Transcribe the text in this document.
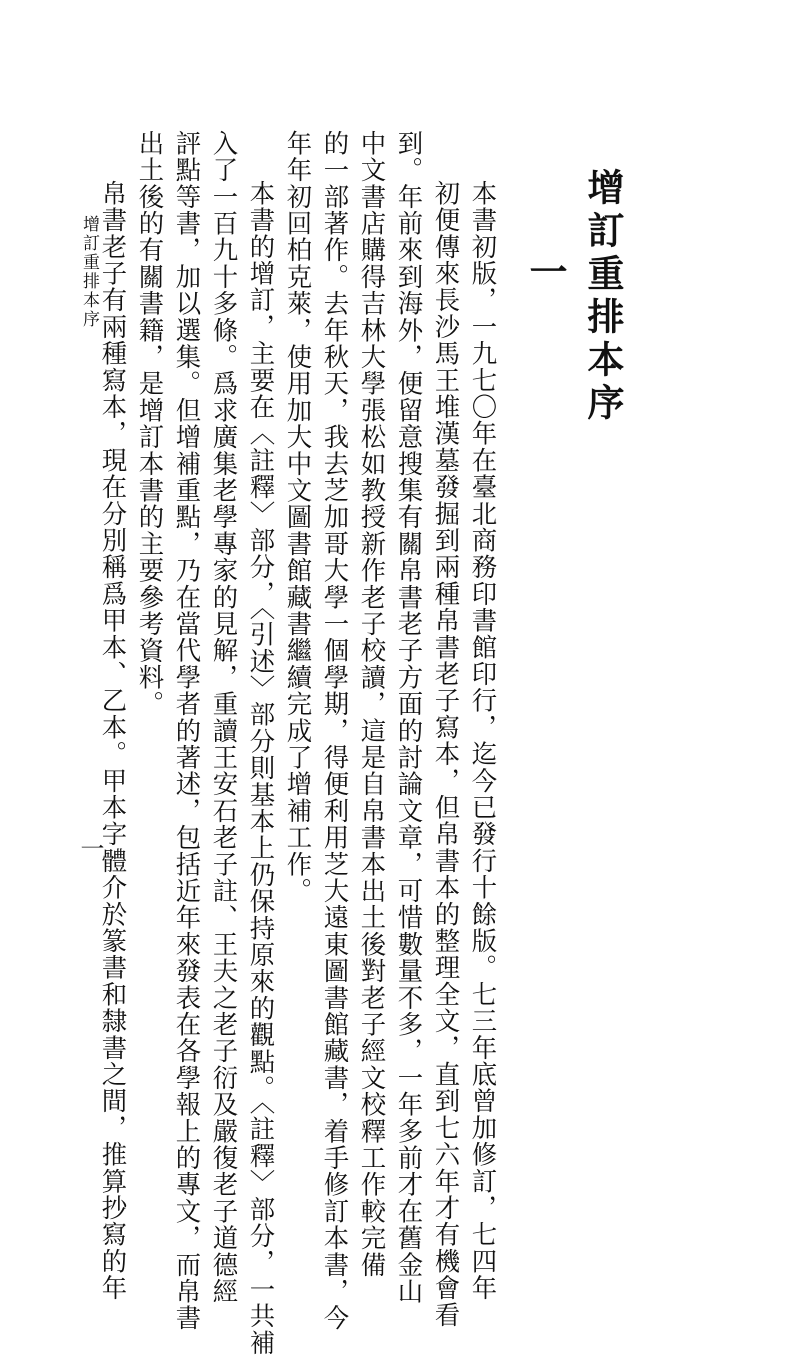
增訂重排本序
一
本書初版，一九七〇年在臺北商務印書館印行，迄今已發行十餘版。七三年底曾加修訂，七四年
初便傳來長沙馬王堆漢墓發掘到兩種帛書老子寫本，但帛書本的整理全文，直到七六年才有機會看
到。年前來到海外，便留意搜集有關帛書老子方面的討論文章，可惜數量不多，一年多前才在舊金山
中文書店購得吉林大學張松如教授新作老子校讀，這是自帛書本出土後對老子經文校釋工作較完備
的一部著作。去年秋天，我去芝加哥大學一個學期，得便利用芝大遠東圖書館藏書，着手修訂本書，今
年年初回柏克萊，使用加大中文圖書館藏書繼續完成了增補工作。
本書的增訂，主要在〈註釋〉部分，〈引述〉部分則基本上仍保持原來的觀點。〈註釋〉部分，一共補
入了一百九十多條。爲求廣集老學專家的見解，重讀王安石老子註、王夫之老子衍及嚴復老子道德經
評點等書，加以選集。但增補重點，乃在當代學者的著述，包括近年來發表在各學報上的專文，而帛書
出土後的有關書籍，是增訂本書的主要參考資料。
帛書老子有兩種寫本，現在分別稱爲甲本、乙本。甲本字體介於篆書和隸書之間，推算抄寫的年
增訂重排本序
一
